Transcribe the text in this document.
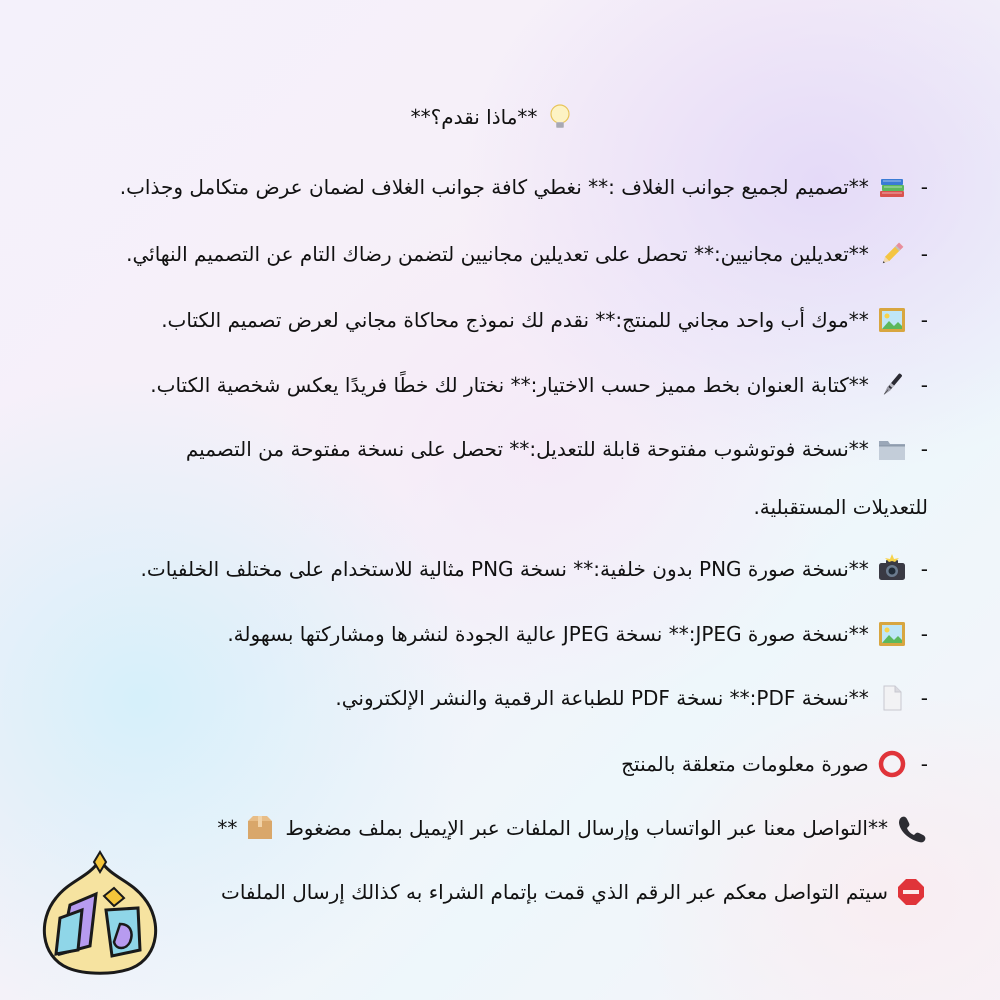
**ماذا نقدم؟**
-
**تصميم لجميع جوانب الغلاف :** نغطي كافة جوانب الغلاف لضمان عرض متكامل وجذاب.
-
**تعديلين مجانيين:** تحصل على تعديلين مجانيين لتضمن رضاك التام عن التصميم النهائي.
-
**موك أب واحد مجاني للمنتج:** نقدم لك نموذج محاكاة مجاني لعرض تصميم الكتاب.
-
**كتابة العنوان بخط مميز حسب الاختيار:** نختار لك خطًا فريدًا يعكس شخصية الكتاب.
-
**نسخة فوتوشوب مفتوحة قابلة للتعديل:** تحصل على نسخة مفتوحة من التصميم
للتعديلات المستقبلية.
-
**نسخة صورة PNG بدون خلفية:** نسخة PNG مثالية للاستخدام على مختلف الخلفيات.
-
**نسخة صورة JPEG:** نسخة JPEG عالية الجودة لنشرها ومشاركتها بسهولة.
-
**نسخة PDF:** نسخة PDF للطباعة الرقمية والنشر الإلكتروني.
-
صورة معلومات متعلقة بالمنتج
**التواصل معنا عبر الواتساب وإرسال الملفات عبر الإيميل بملف مضغوط
**
سيتم التواصل معكم عبر الرقم الذي قمت بإتمام الشراء به كذالك إرسال الملفات
